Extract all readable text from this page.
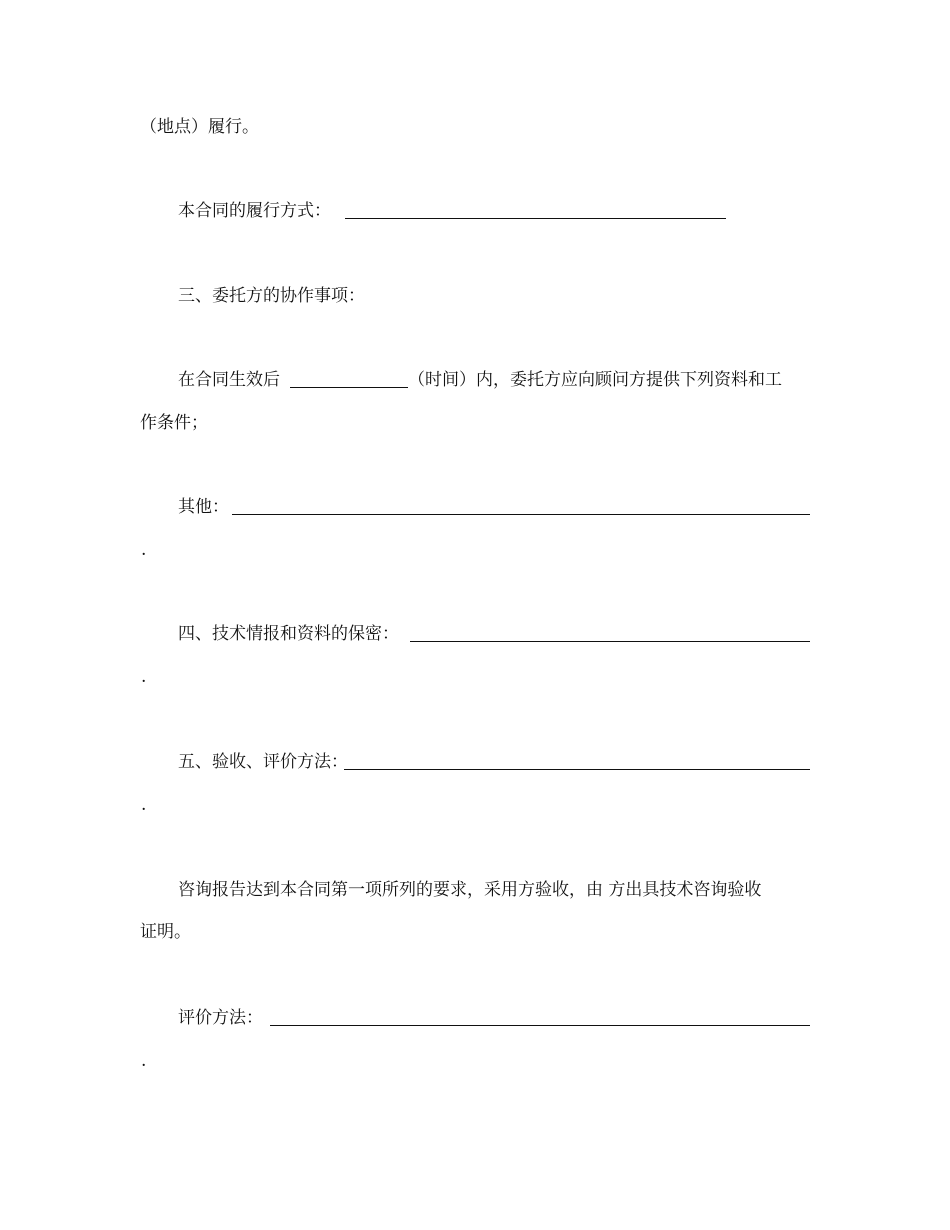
（地点）履行。
本合同的履行方式：
三、委托方的协作事项：
在合同生效后	（时间）内，委托方应向顾问方提供下列资料和工
作条件；
其他：
.
四、技术情报和资料的保密：
.
五、验收、评价方法：
.
咨询报告达到本合同第一项所列的要求，采用方验收，由 方出具技术咨询验收
证明。
评价方法：
.
